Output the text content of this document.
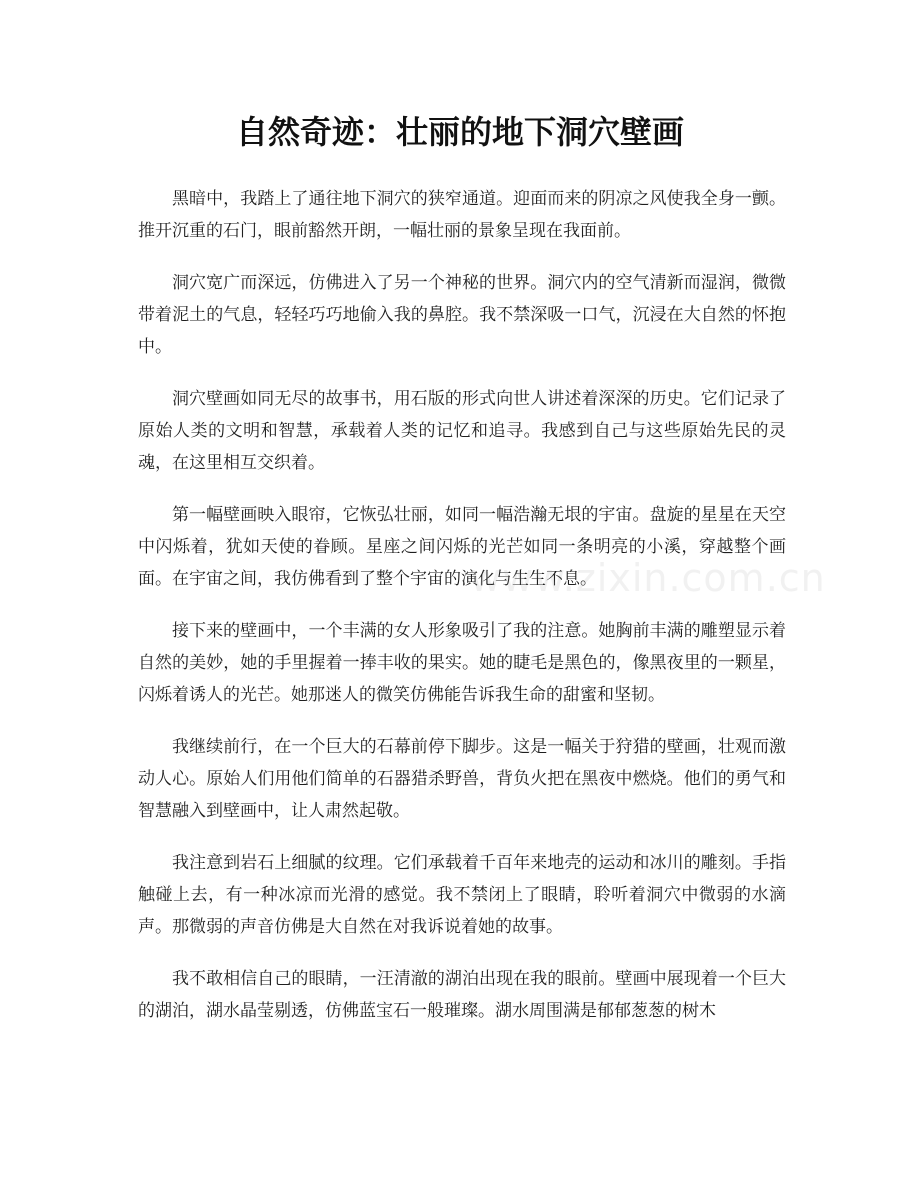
自然奇迹：壮丽的地下洞穴壁画

黑暗中，我踏上了通往地下洞穴的狭窄通道。迎面而来的阴凉之风使我全身一颤。推开沉重的石门，眼前豁然开朗，一幅壮丽的景象呈现在我面前。

洞穴宽广而深远，仿佛进入了另一个神秘的世界。洞穴内的空气清新而湿润，微微带着泥土的气息，轻轻巧巧地偷入我的鼻腔。我不禁深吸一口气，沉浸在大自然的怀抱中。

洞穴壁画如同无尽的故事书，用石版的形式向世人讲述着深深的历史。它们记录了原始人类的文明和智慧，承载着人类的记忆和追寻。我感到自己与这些原始先民的灵魂，在这里相互交织着。

第一幅壁画映入眼帘，它恢弘壮丽，如同一幅浩瀚无垠的宇宙。盘旋的星星在天空中闪烁着，犹如天使的眷顾。星座之间闪烁的光芒如同一条明亮的小溪，穿越整个画面。在宇宙之间，我仿佛看到了整个宇宙的演化与生生不息。

接下来的壁画中，一个丰满的女人形象吸引了我的注意。她胸前丰满的雕塑显示着自然的美妙，她的手里握着一捧丰收的果实。她的睫毛是黑色的，像黑夜里的一颗星，闪烁着诱人的光芒。她那迷人的微笑仿佛能告诉我生命的甜蜜和坚韧。

我继续前行，在一个巨大的石幕前停下脚步。这是一幅关于狩猎的壁画，壮观而激动人心。原始人们用他们简单的石器猎杀野兽，背负火把在黑夜中燃烧。他们的勇气和智慧融入到壁画中，让人肃然起敬。

我注意到岩石上细腻的纹理。它们承载着千百年来地壳的运动和冰川的雕刻。手指触碰上去，有一种冰凉而光滑的感觉。我不禁闭上了眼睛，聆听着洞穴中微弱的水滴声。那微弱的声音仿佛是大自然在对我诉说着她的故事。

我不敢相信自己的眼睛，一汪清澈的湖泊出现在我的眼前。壁画中展现着一个巨大的湖泊，湖水晶莹剔透，仿佛蓝宝石一般璀璨。湖水周围满是郁郁葱葱的树木

www.zixin.com.cn
